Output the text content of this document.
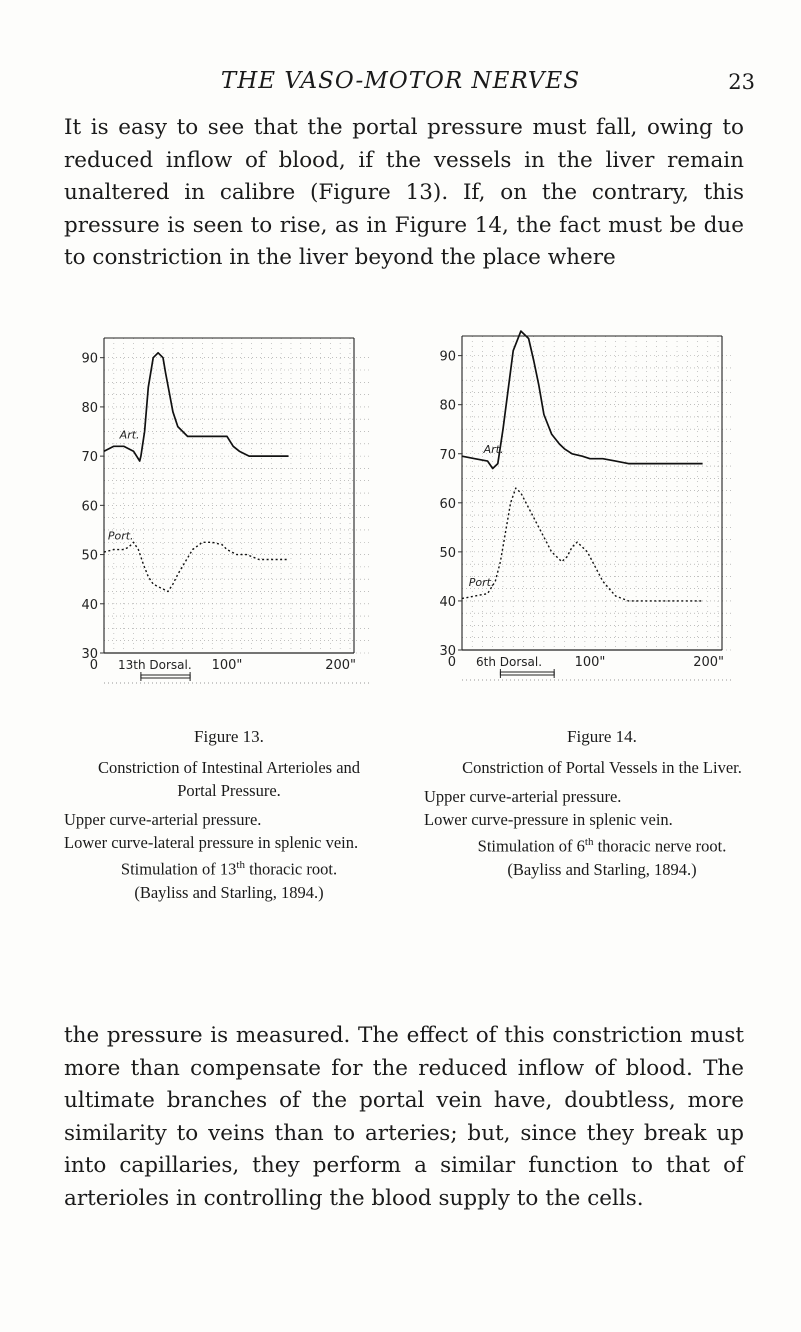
THE VASO-MOTOR NERVES	23

It is easy to see that the portal pressure must fall, owing to reduced inflow of blood, if the vessels in the liver remain unaltered in calibre (Figure 13). If, on the contrary, this pressure is seen to rise, as in Figure 14, the fact must be due to constriction in the liver beyond the place where

90
80
70
60
50
40
30
Art.
Port.
0	100"	200"
13th Dorsal.
90
80
70
60
50
40
30
Art.
Port.
0	100"	200"
6th Dorsal.
Figure 13.
Constriction of Intestinal Arterioles and
Portal Pressure.
Upper curve-arterial pressure.
Lower curve-lateral pressure in splenic vein.
Stimulation of 13th thoracic root.
(Bayliss and Starling, 1894.)
Figure 14.
Constriction of Portal Vessels in the Liver.
Upper curve-arterial pressure.
Lower curve-pressure in splenic vein.
Stimulation of 6th thoracic nerve root.
(Bayliss and Starling, 1894.)

the pressure is measured. The effect of this constriction must more than compensate for the reduced inflow of blood. The ultimate branches of the portal vein have, doubtless, more similarity to veins than to arteries; but, since they break up into capillaries, they perform a similar function to that of arterioles in controlling the blood supply to the cells.
